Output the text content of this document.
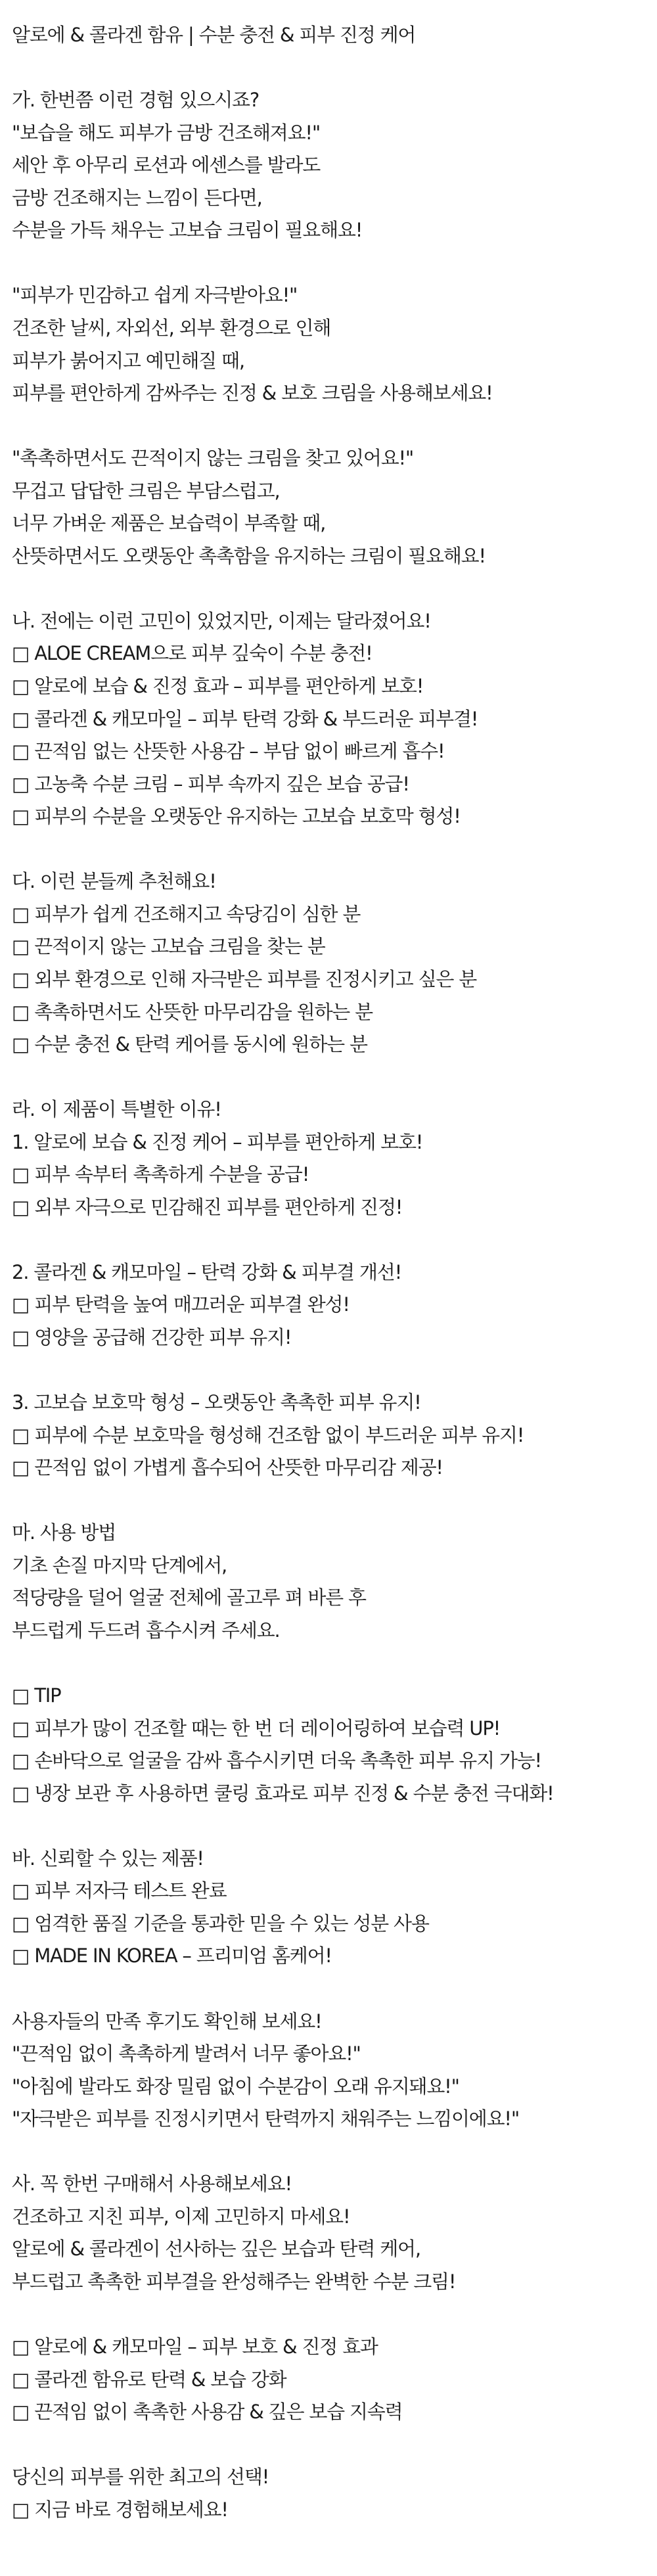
알로에 & 콜라겐 함유 | 수분 충전 & 피부 진정 케어
가. 한번쯤 이런 경험 있으시죠?
"보습을 해도 피부가 금방 건조해져요!"
세안 후 아무리 로션과 에센스를 발라도
금방 건조해지는 느낌이 든다면,
수분을 가득 채우는 고보습 크림이 필요해요!
"피부가 민감하고 쉽게 자극받아요!"
건조한 날씨, 자외선, 외부 환경으로 인해
피부가 붉어지고 예민해질 때,
피부를 편안하게 감싸주는 진정 & 보호 크림을 사용해보세요!
"촉촉하면서도 끈적이지 않는 크림을 찾고 있어요!"
무겁고 답답한 크림은 부담스럽고,
너무 가벼운 제품은 보습력이 부족할 때,
산뜻하면서도 오랫동안 촉촉함을 유지하는 크림이 필요해요!
나. 전에는 이런 고민이 있었지만, 이제는 달라졌어요!
□ ALOE CREAM으로 피부 깊숙이 수분 충전!
□ 알로에 보습 & 진정 효과 – 피부를 편안하게 보호!
□ 콜라겐 & 캐모마일 – 피부 탄력 강화 & 부드러운 피부결!
□ 끈적임 없는 산뜻한 사용감 – 부담 없이 빠르게 흡수!
□ 고농축 수분 크림 – 피부 속까지 깊은 보습 공급!
□ 피부의 수분을 오랫동안 유지하는 고보습 보호막 형성!
다. 이런 분들께 추천해요!
□ 피부가 쉽게 건조해지고 속당김이 심한 분
□ 끈적이지 않는 고보습 크림을 찾는 분
□ 외부 환경으로 인해 자극받은 피부를 진정시키고 싶은 분
□ 촉촉하면서도 산뜻한 마무리감을 원하는 분
□ 수분 충전 & 탄력 케어를 동시에 원하는 분
라. 이 제품이 특별한 이유!
1. 알로에 보습 & 진정 케어 – 피부를 편안하게 보호!
□ 피부 속부터 촉촉하게 수분을 공급!
□ 외부 자극으로 민감해진 피부를 편안하게 진정!
2. 콜라겐 & 캐모마일 – 탄력 강화 & 피부결 개선!
□ 피부 탄력을 높여 매끄러운 피부결 완성!
□ 영양을 공급해 건강한 피부 유지!
3. 고보습 보호막 형성 – 오랫동안 촉촉한 피부 유지!
□ 피부에 수분 보호막을 형성해 건조함 없이 부드러운 피부 유지!
□ 끈적임 없이 가볍게 흡수되어 산뜻한 마무리감 제공!
마. 사용 방법
기초 손질 마지막 단계에서,
적당량을 덜어 얼굴 전체에 골고루 펴 바른 후
부드럽게 두드려 흡수시켜 주세요.
□ TIP
□ 피부가 많이 건조할 때는 한 번 더 레이어링하여 보습력 UP!
□ 손바닥으로 얼굴을 감싸 흡수시키면 더욱 촉촉한 피부 유지 가능!
□ 냉장 보관 후 사용하면 쿨링 효과로 피부 진정 & 수분 충전 극대화!
바. 신뢰할 수 있는 제품!
□ 피부 저자극 테스트 완료
□ 엄격한 품질 기준을 통과한 믿을 수 있는 성분 사용
□ MADE IN KOREA – 프리미엄 홈케어!
사용자들의 만족 후기도 확인해 보세요!
"끈적임 없이 촉촉하게 발려서 너무 좋아요!"
"아침에 발라도 화장 밀림 없이 수분감이 오래 유지돼요!"
"자극받은 피부를 진정시키면서 탄력까지 채워주는 느낌이에요!"
사. 꼭 한번 구매해서 사용해보세요!
건조하고 지친 피부, 이제 고민하지 마세요!
알로에 & 콜라겐이 선사하는 깊은 보습과 탄력 케어,
부드럽고 촉촉한 피부결을 완성해주는 완벽한 수분 크림!
□ 알로에 & 캐모마일 – 피부 보호 & 진정 효과
□ 콜라겐 함유로 탄력 & 보습 강화
□ 끈적임 없이 촉촉한 사용감 & 깊은 보습 지속력
당신의 피부를 위한 최고의 선택!
□ 지금 바로 경험해보세요!
